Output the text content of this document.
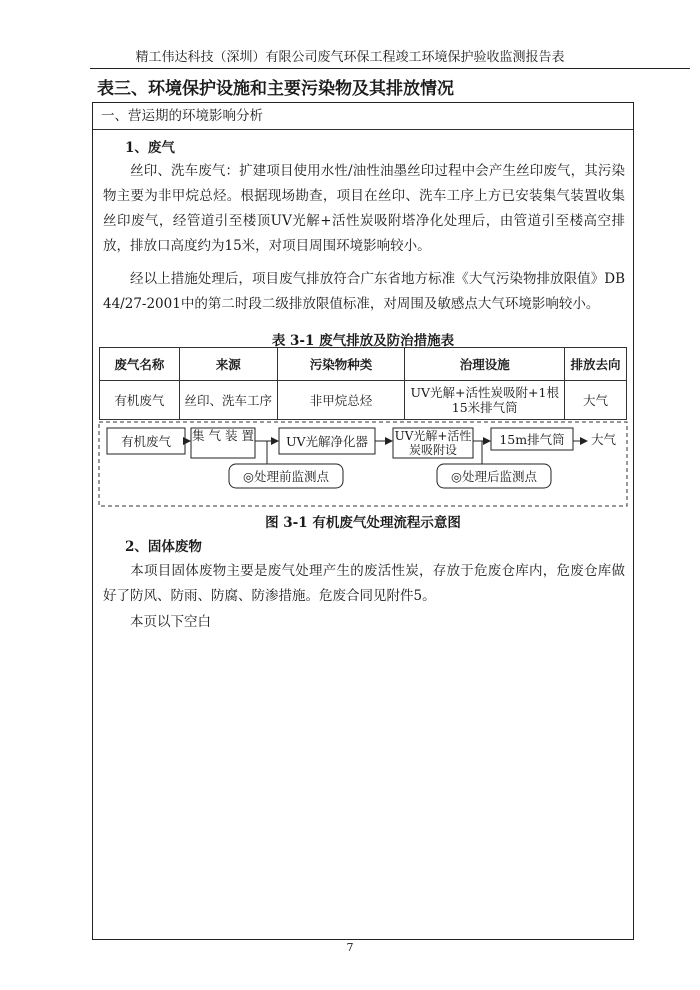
精工伟达科技（深圳）有限公司废气环保工程竣工环境保护验收监测报告表
表三、环境保护设施和主要污染物及其排放情况
一、营运期的环境影响分析
1、废气
丝印、洗车废气：扩建项目使用水性/油性油墨丝印过程中会产生丝印废气，其污染物主要为非甲烷总烃。根据现场勘查，项目在丝印、洗车工序上方已安装集气装置收集丝印废气，经管道引至楼顶UV光解+活性炭吸附塔净化处理后，由管道引至楼高空排放，排放口高度约为15米，对项目周围环境影响较小。
经以上措施处理后，项目废气排放符合广东省地方标准《大气污染物排放限值》DB 44/27-2001中的第二时段二级排放限值标准，对周围及敏感点大气环境影响较小。
表 3-1 废气排放及防治措施表
废气名称	来源	污染物种类	治理设施	排放去向
有机废气	丝印、洗车工序	非甲烷总烃	UV光解+活性炭吸附+1根15米排气筒	大气
有机废气 集 气 装 置	UV光解净化器 UV光解+活性炭吸附设
15m排气筒 大气
◎处理前监测点	◎处理后监测点
图 3-1 有机废气处理流程示意图
2、固体废物
本项目固体废物主要是废气处理产生的废活性炭，存放于危废仓库内，危废仓库做好了防风、防雨、防腐、防渗措施。危废合同见附件5。
本页以下空白
7
